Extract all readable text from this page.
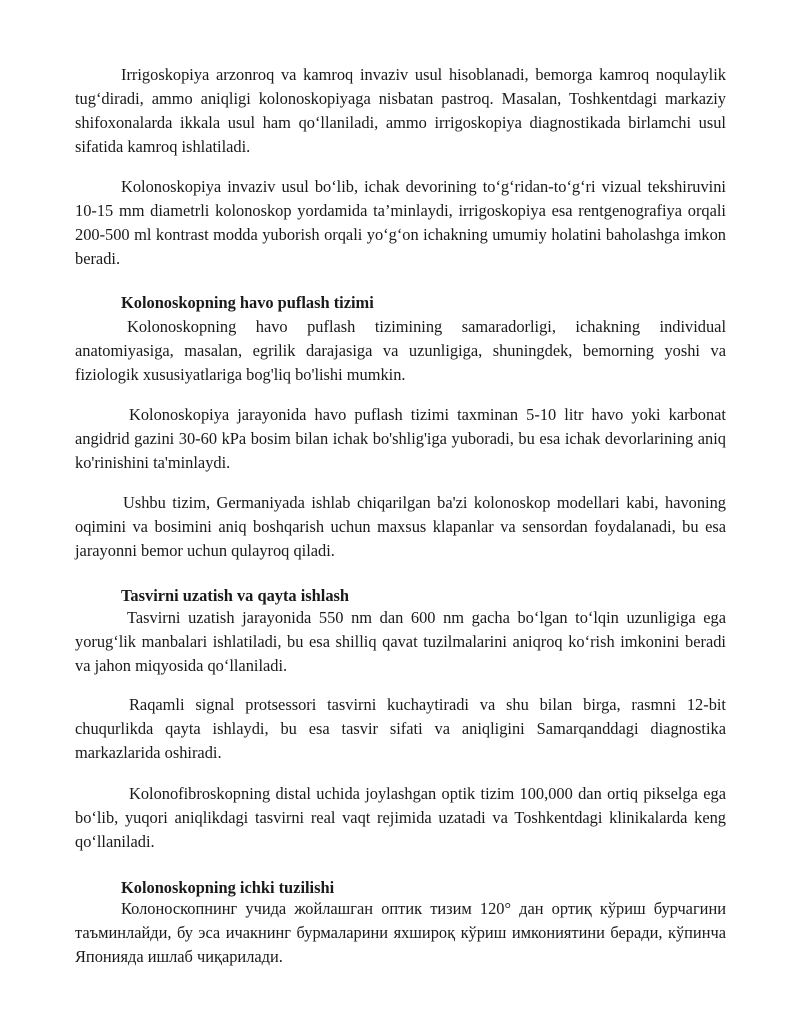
Irrigoskopiya arzonroq va kamroq invaziv usul hisoblanadi, bemorga kamroq noqulaylik tug‘diradi, ammo aniqligi kolonoskopiyaga nisbatan pastroq. Masalan, Toshkentdagi markaziy shifoxonalarda ikkala usul ham qo‘llaniladi, ammo irrigoskopiya diagnostikada birlamchi usul sifatida kamroq ishlatiladi.

Kolonoskopiya invaziv usul bo‘lib, ichak devorining to‘g‘ridan-to‘g‘ri vizual tekshiruvini 10-15 mm diametrli kolonoskop yordamida ta’minlaydi, irrigoskopiya esa rentgenografiya orqali 200-500 ml kontrast modda yuborish orqali yo‘g‘on ichakning umumiy holatini baholashga imkon beradi.

Kolonoskopning havo puflash tizimi

Kolonoskopning havo puflash tizimining samaradorligi, ichakning individual anatomiyasiga, masalan, egrilik darajasiga va uzunligiga, shuningdek, bemorning yoshi va fiziologik xususiyatlariga bog'liq bo'lishi mumkin.

Kolonoskopiya jarayonida havo puflash tizimi taxminan 5-10 litr havo yoki karbonat angidrid gazini 30-60 kPa bosim bilan ichak bo'shlig'iga yuboradi, bu esa ichak devorlarining aniq ko'rinishini ta'minlaydi.

Ushbu tizim, Germaniyada ishlab chiqarilgan ba'zi kolonoskop modellari kabi, havoning oqimini va bosimini aniq boshqarish uchun maxsus klapanlar va sensordan foydalanadi, bu esa jarayonni bemor uchun qulayroq qiladi.

Tasvirni uzatish va qayta ishlash

Tasvirni uzatish jarayonida 550 nm dan 600 nm gacha bo‘lgan to‘lqin uzunligiga ega yorug‘lik manbalari ishlatiladi, bu esa shilliq qavat tuzilmalarini aniqroq ko‘rish imkonini beradi va jahon miqyosida qo‘llaniladi.

Raqamli signal protsessori tasvirni kuchaytiradi va shu bilan birga, rasmni 12-bit chuqurlikda qayta ishlaydi, bu esa tasvir sifati va aniqligini Samarqanddagi diagnostika markazlarida oshiradi.

Kolonofibroskopning distal uchida joylashgan optik tizim 100,000 dan ortiq pikselga ega bo‘lib, yuqori aniqlikdagi tasvirni real vaqt rejimida uzatadi va Toshkentdagi klinikalarda keng qo‘llaniladi.

Kolonoskopning ichki tuzilishi

Колоноскопнинг учида жойлашган оптик тизим 120° дан ортиқ кўриш бурчагини таъминлайди, бу эса ичакнинг бурмаларини яхшироқ кўриш имкониятини беради, кўпинча Японияда ишлаб чиқарилади.
